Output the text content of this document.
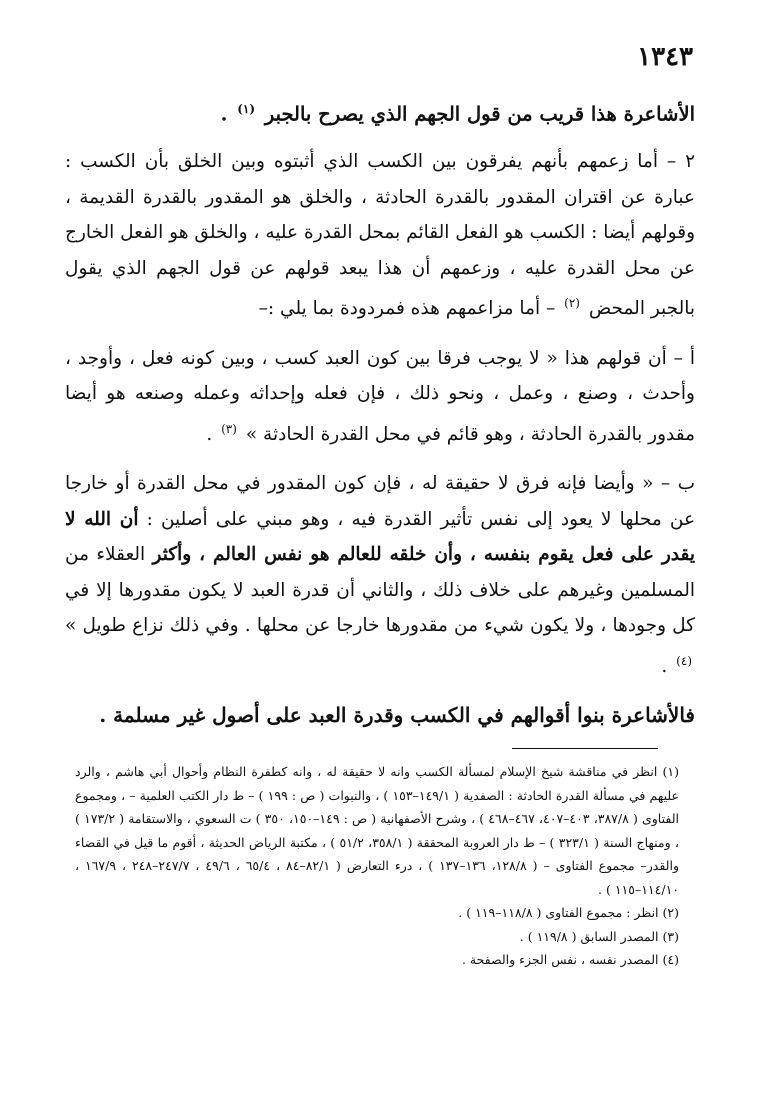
١٣٤٣

الأشاعرة هذا قريب من قول الجهم الذي يصرح بالجبر $^{(١)}$ .

٢ – أما زعمهم بأنهم يفرقون بين الكسب الذي أثبتوه وبين الخلق بأن الكسب : عبارة عن اقتران المقدور بالقدرة الحادثة ، والخلق هو المقدور بالقدرة القديمة ، وقولهم أيضا : الكسب هو الفعل القائم بمحل القدرة عليه ، والخلق هو الفعل الخارج عن محل القدرة عليه ، وزعمهم أن هذا يبعد قولهم عن قول الجهم الذي يقول بالجبر المحض $^{(٢)}$ – أما مزاعمهم هذه فمردودة بما يلي :–

أ – أن قولهم هذا « لا يوجب فرقا بين كون العبد كسب ، وبين كونه فعل ، وأوجد ، وأحدث ، وصنع ، وعمل ، ونحو ذلك ، فإن فعله وإحداثه وعمله وصنعه هو أيضا مقدور بالقدرة الحادثة ، وهو قائم في محل القدرة الحادثة » $^{(٣)}$ .

ب – « وأيضا فإنه فرق لا حقيقة له ، فإن كون المقدور في محل القدرة أو خارجا عن محلها لا يعود إلى نفس تأثير القدرة فيه ، وهو مبني على أصلين : أن الله لا يقدر على فعل يقوم بنفسه ، وأن خلقه للعالم هو نفس العالم ، وأكثر العقلاء من المسلمين وغيرهم على خلاف ذلك ، والثاني أن قدرة العبد لا يكون مقدورها إلا في كل وجودها ، ولا يكون شيء من مقدورها خارجا عن محلها . وفي ذلك نزاع طويل » $^{(٤)}$ .

فالأشاعرة بنوا أقوالهم في الكسب وقدرة العبد على أصول غير مسلمة .

(١) انظر في مناقشة شيخ الإسلام لمسألة الكسب وانه لا حقيقة له ، وانه كطفرة النظام وأحوال أبي هاشم ، والرد عليهم في مسألة القدرة الحادثة : الصفدية ( ١٤٩/١–١٥٣ ) ، والنبوات ( ص : ١٩٩ ) – ط دار الكتب العلمية – ، ومجموع الفتاوى ( ٣٨٧/٨، ٤٠٣–٤٠٧، ٤٦٧–٤٦٨ ) ، وشرح الأصفهانية ( ص : ١٤٩–١٥٠، ٣٥٠ ) ت السعوي ، والاستقامة ( ١٧٣/٢ ) ، ومنهاج السنة ( ٣٢٣/١ ) – ط دار العروبة المحققة ( ٣٥٨/١، ٥١/٢ ) ، مكتبة الرياض الحديثة ، أقوم ما قيل في القضاء والقدر– مجموع الفتاوى – ( ١٢٨/٨، ١٣٦–١٣٧ ) ، درء التعارض ( ٨٢/١–٨٤ ، ٦٥/٤ ، ٤٩/٦ ، ٢٤٧/٧–٢٤٨ ، ١٦٧/٩ ، ١١٤/١٠–١١٥ ) .

(٢) انظر : مجموع الفتاوى ( ١١٨/٨–١١٩ ) .

(٣) المصدر السابق ( ١١٩/٨ ) .

(٤) المصدر نفسه ، نفس الجزء والصفحة .
